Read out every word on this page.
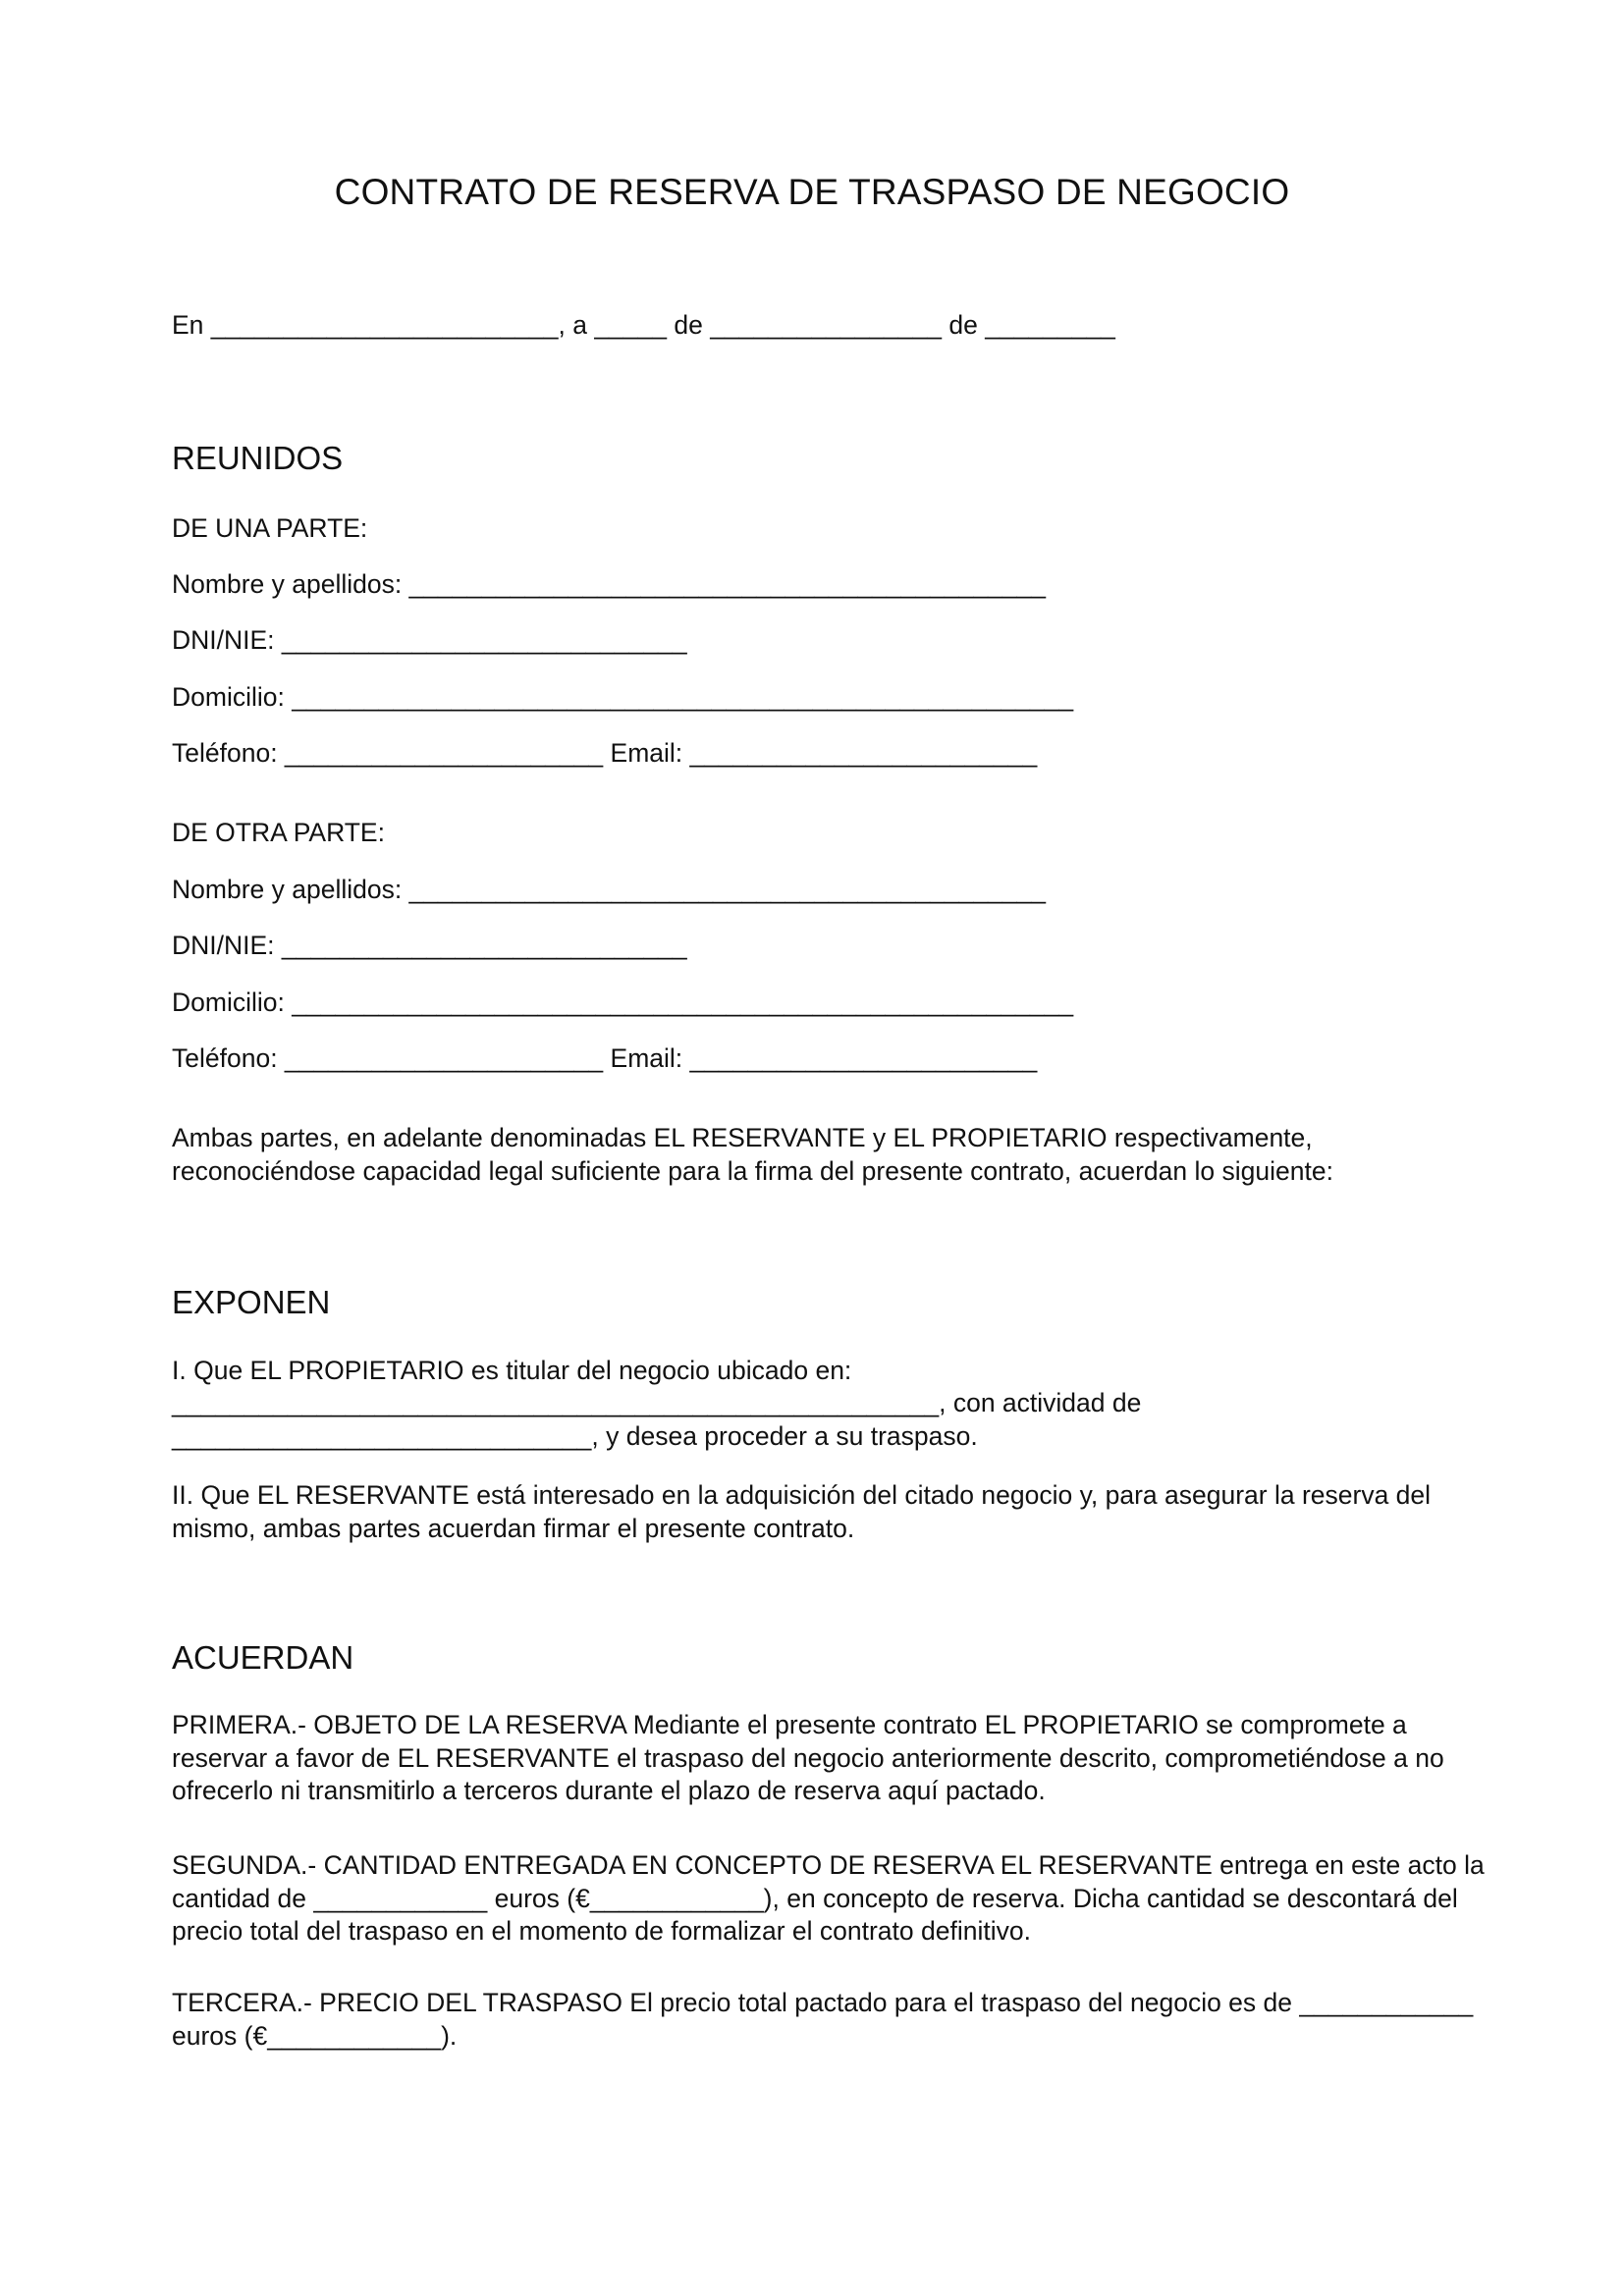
CONTRATO DE RESERVA DE TRASPASO DE NEGOCIO
En ________________________, a _____ de ________________ de _________
REUNIDOS
DE UNA PARTE:
Nombre y apellidos: ____________________________________________
DNI/NIE: ____________________________
Domicilio: ______________________________________________________
Teléfono: ______________________ Email: ________________________
DE OTRA PARTE:
Nombre y apellidos: ____________________________________________
DNI/NIE: ____________________________
Domicilio: ______________________________________________________
Teléfono: ______________________ Email: ________________________
Ambas partes, en adelante denominadas EL RESERVANTE y EL PROPIETARIO respectivamente, reconociéndose capacidad legal suficiente para la firma del presente contrato, acuerdan lo siguiente:
EXPONEN
I. Que EL PROPIETARIO es titular del negocio ubicado en:
_____________________________________________________, con actividad de
_____________________________, y desea proceder a su traspaso.
II. Que EL RESERVANTE está interesado en la adquisición del citado negocio y, para asegurar la reserva del mismo, ambas partes acuerdan firmar el presente contrato.
ACUERDAN
PRIMERA.- OBJETO DE LA RESERVA Mediante el presente contrato EL PROPIETARIO se compromete a reservar a favor de EL RESERVANTE el traspaso del negocio anteriormente descrito, comprometiéndose a no ofrecerlo ni transmitirlo a terceros durante el plazo de reserva aquí pactado.
SEGUNDA.- CANTIDAD ENTREGADA EN CONCEPTO DE RESERVA EL RESERVANTE entrega en este acto la cantidad de ____________ euros (€____________), en concepto de reserva. Dicha cantidad se descontará del precio total del traspaso en el momento de formalizar el contrato definitivo.
TERCERA.- PRECIO DEL TRASPASO El precio total pactado para el traspaso del negocio es de ____________ euros (€____________).
